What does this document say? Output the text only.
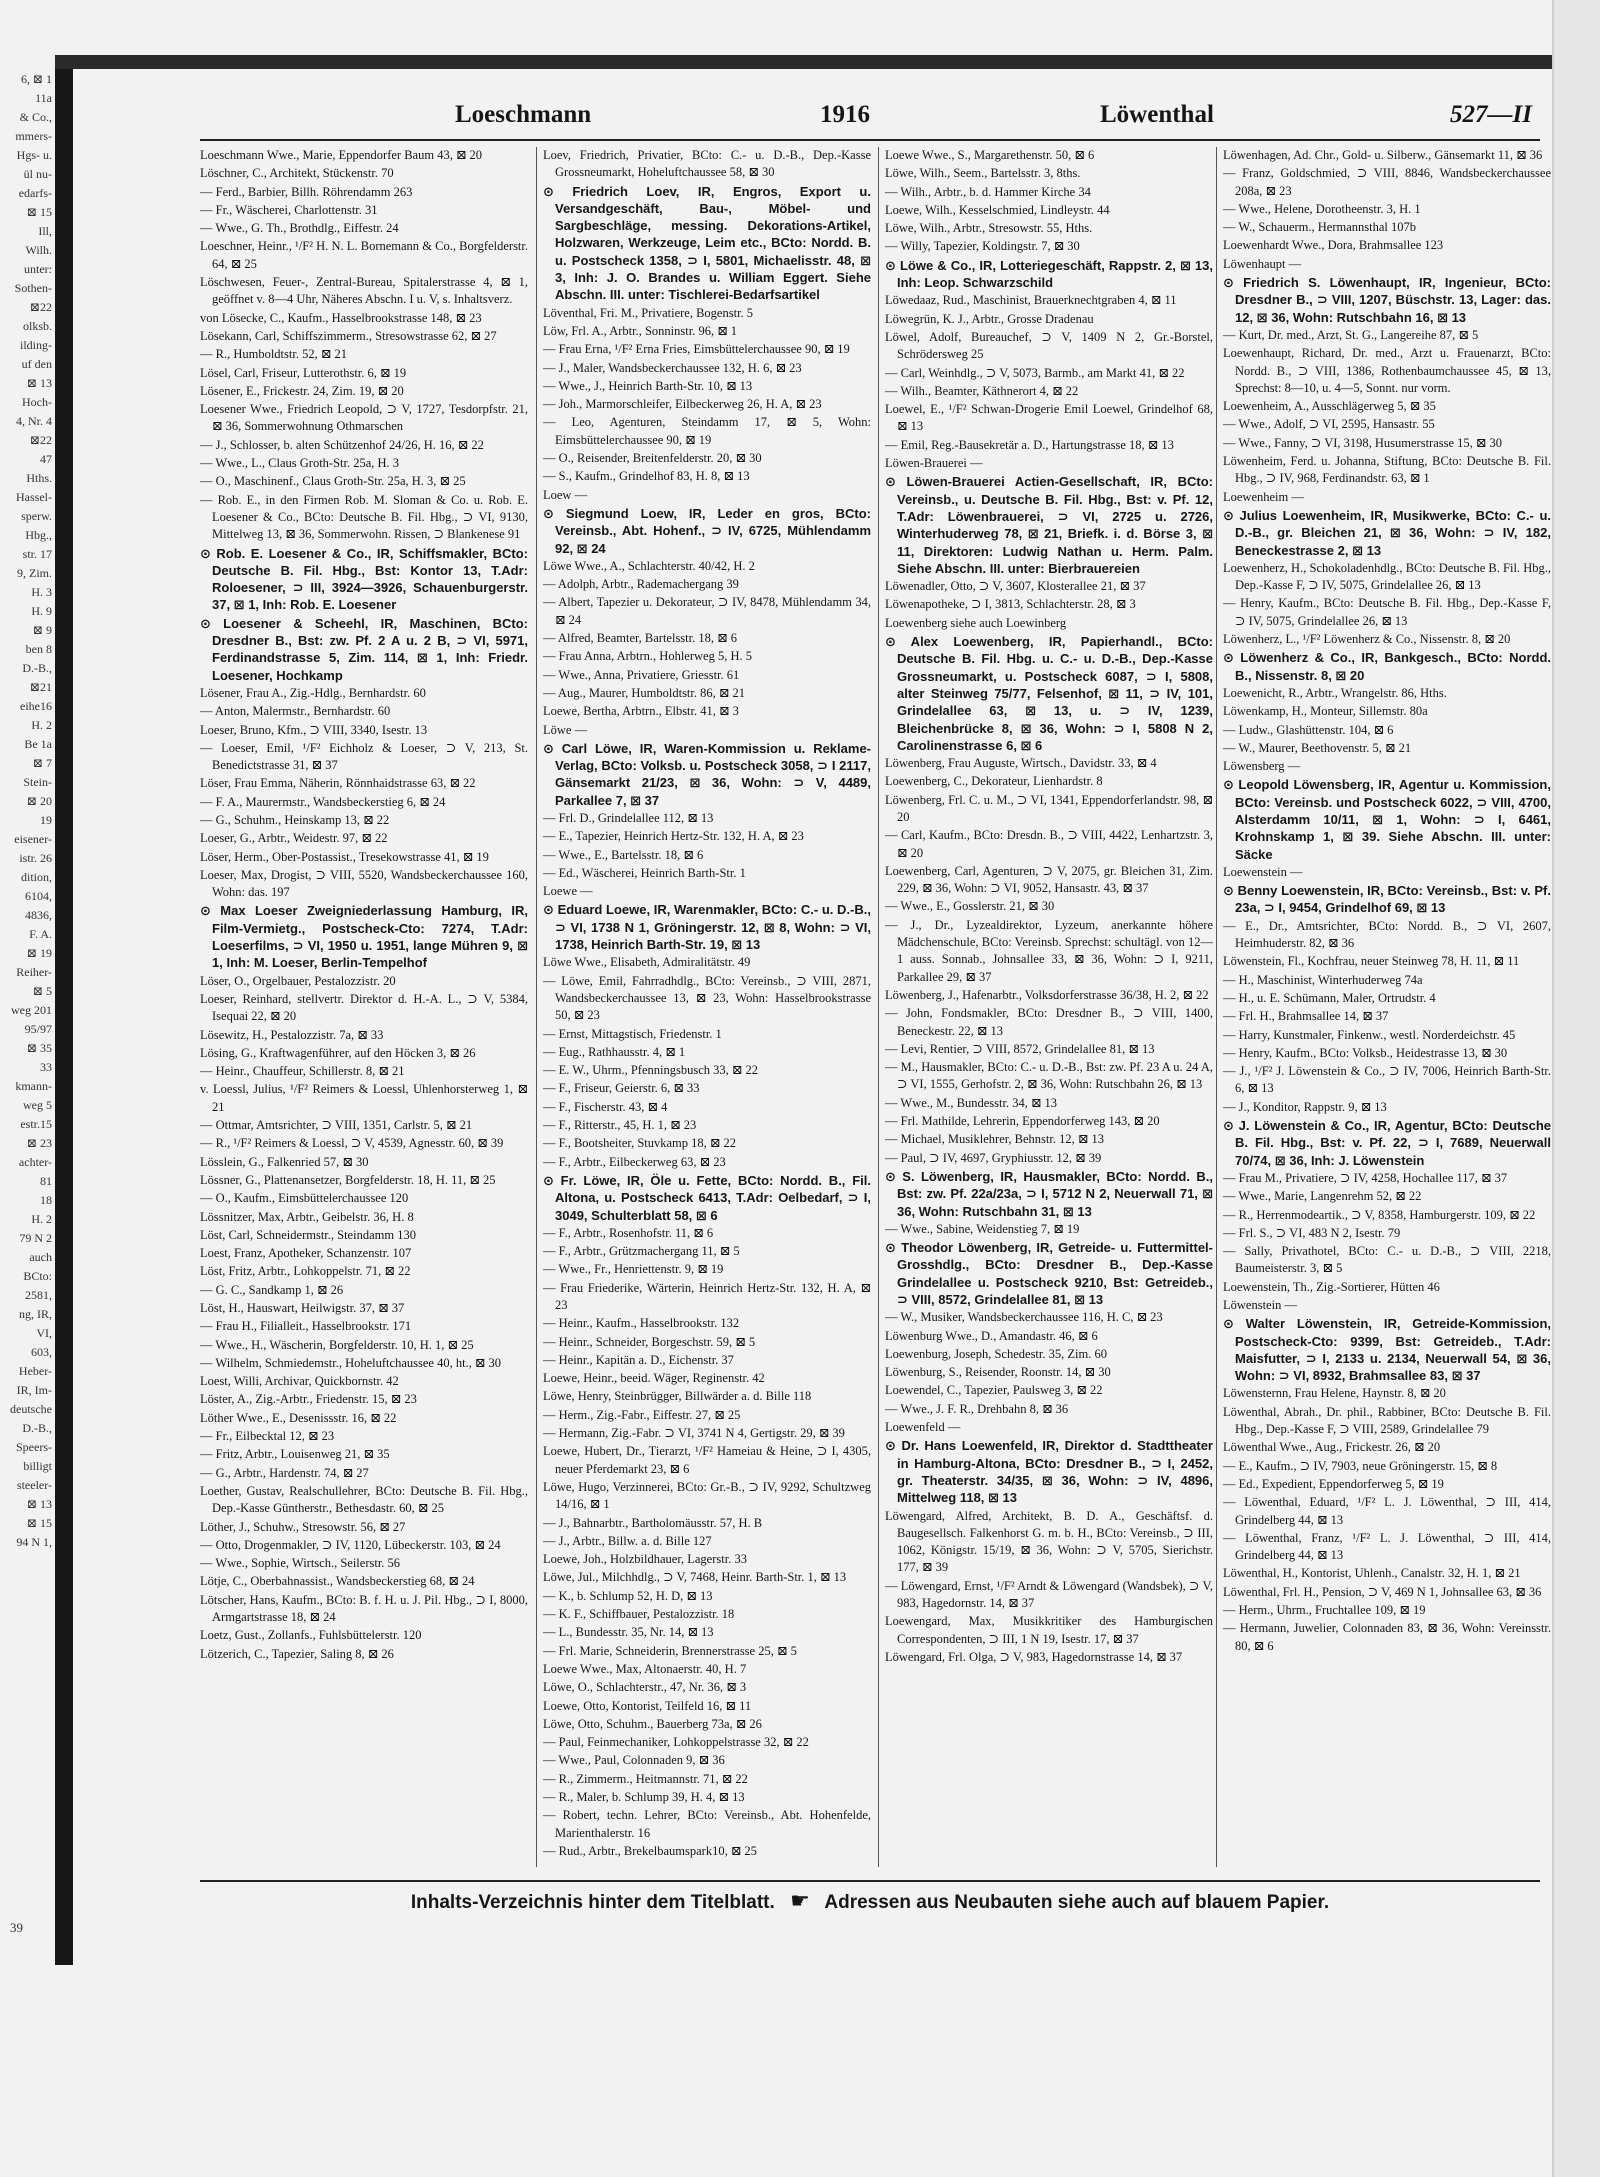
6, ⊠ 1
11a
& Co.,
mmers-
Hgs- u.
ül nu-
edarfs-
⊠ 15
Ill,
Wilh.
unter:
Sothen-
⊠22
olksb.
ilding-
uf den
⊠ 13
Hoch-
4, Nr. 4
⊠22
47
Hths.
Hassel-
sperw.
Hbg.,
str. 17
9, Zim.
H. 3
H. 9
⊠ 9
ben 8
D.-B.,
⊠21
eihe16
H. 2
Be 1a
⊠ 7
Stein-
⊠ 20
19
eisener-
istr. 26
dition,
6104,
4836,
F. A.
⊠ 19
Reiher-
⊠ 5
weg 201
95/97
⊠ 35
33
kmann-
weg 5
estr.15
⊠ 23
achter-
81
18
H. 2
79 N 2
auch
BCto:
2581,
ng, IR,
VI,
603,
Heber-
IR, Im-
deutsche
D.-B.,
Speers-
billigt
steeler-
⊠ 13
⊠ 15
94 N 1,
39
Loeschmann	1916	Löwenthal	527—II
Loeschmann Wwe., Marie, Eppendorfer Baum 43, ⊠ 20
Löschner, C., Architekt, Stückenstr. 70
— Ferd., Barbier, Billh. Röhrendamm 263
— Fr., Wäscherei, Charlottenstr. 31
— Wwe., G. Th., Brothdlg., Eiffestr. 24
Loeschner, Heinr., ¹/F² H. N. L. Bornemann & Co., Borgfelderstr. 64, ⊠ 25
Löschwesen, Feuer-, Zentral-Bureau, Spitalerstrasse 4, ⊠ 1, geöffnet v. 8—4 Uhr, Näheres Abschn. I u. V, s. Inhaltsverz.
von Lösecke, C., Kaufm., Hasselbrookstrasse 148, ⊠ 23
Lösekann, Carl, Schiffszimmerm., Stresowstrasse 62, ⊠ 27
— R., Humboldtstr. 52, ⊠ 21
Lösel, Carl, Friseur, Lutterothstr. 6, ⊠ 19
Lösener, E., Frickestr. 24, Zim. 19, ⊠ 20
Loesener Wwe., Friedrich Leopold, ⊃ V, 1727, Tesdorpfstr. 21, ⊠ 36, Sommerwohnung Othmarschen
— J., Schlosser, b. alten Schützenhof 24/26, H. 16, ⊠ 22
— Wwe., L., Claus Groth-Str. 25a, H. 3
— O., Maschinenf., Claus Groth-Str. 25a, H. 3, ⊠ 25
— Rob. E., in den Firmen Rob. M. Sloman & Co. u. Rob. E. Loesener & Co., BCto: Deutsche B. Fil. Hbg., ⊃ VI, 9130, Mittelweg 13, ⊠ 36, Sommerwohn. Rissen, ⊃ Blankenese 91
⊙ Rob. E. Loesener & Co., IR, Schiffsmakler, BCto: Deutsche B. Fil. Hbg., Bst: Kontor 13, T.Adr: Roloesener, ⊃ III, 3924—3926, Schauenburgerstr. 37, ⊠ 1, Inh: Rob. E. Loesener
⊙ Loesener & Scheehl, IR, Maschinen, BCto: Dresdner B., Bst: zw. Pf. 2 A u. 2 B, ⊃ VI, 5971, Ferdinandstrasse 5, Zim. 114, ⊠ 1, Inh: Friedr. Loesener, Hochkamp
Lösener, Frau A., Zig.-Hdlg., Bernhardstr. 60
— Anton, Malermstr., Bernhardstr. 60
Loeser, Bruno, Kfm., ⊃ VIII, 3340, Isestr. 13
— Loeser, Emil, ¹/F² Eichholz & Loeser, ⊃ V, 213, St. Benedictstrasse 31, ⊠ 37
Löser, Frau Emma, Näherin, Rönnhaidstrasse 63, ⊠ 22
— F. A., Maurermstr., Wandsbeckerstieg 6, ⊠ 24
— G., Schuhm., Heinskamp 13, ⊠ 22
Loeser, G., Arbtr., Weidestr. 97, ⊠ 22
Löser, Herm., Ober-Postassist., Tresekowstrasse 41, ⊠ 19
Loeser, Max, Drogist, ⊃ VIII, 5520, Wandsbeckerchaussee 160, Wohn: das. 197
⊙ Max Loeser Zweigniederlassung Hamburg, IR, Film-Vermietg., Postscheck-Cto: 7274, T.Adr: Loeserfilms, ⊃ VI, 1950 u. 1951, lange Mühren 9, ⊠ 1, Inh: M. Loeser, Berlin-Tempelhof
Löser, O., Orgelbauer, Pestalozzistr. 20
Loeser, Reinhard, stellvertr. Direktor d. H.-A. L., ⊃ V, 5384, Isequai 22, ⊠ 20
Lösewitz, H., Pestalozzistr. 7a, ⊠ 33
Lösing, G., Kraftwagenführer, auf den Höcken 3, ⊠ 26
— Heinr., Chauffeur, Schillerstr. 8, ⊠ 21
v. Loessl, Julius, ¹/F² Reimers & Loessl, Uhlenhorsterweg 1, ⊠ 21
— Ottmar, Amtsrichter, ⊃ VIII, 1351, Carlstr. 5, ⊠ 21
— R., ¹/F² Reimers & Loessl, ⊃ V, 4539, Agnesstr. 60, ⊠ 39
Lösslein, G., Falkenried 57, ⊠ 30
Lössner, G., Plattenansetzer, Borgfelderstr. 18, H. 11, ⊠ 25
— O., Kaufm., Eimsbüttelerchaussee 120
Lössnitzer, Max, Arbtr., Geibelstr. 36, H. 8
Löst, Carl, Schneidermstr., Steindamm 130
Loest, Franz, Apotheker, Schanzenstr. 107
Löst, Fritz, Arbtr., Lohkoppelstr. 71, ⊠ 22
— G. C., Sandkamp 1, ⊠ 26
Löst, H., Hauswart, Heilwigstr. 37, ⊠ 37
— Frau H., Filialleit., Hasselbrookstr. 171
— Wwe., H., Wäscherin, Borgfelderstr. 10, H. 1, ⊠ 25
— Wilhelm, Schmiedemstr., Hoheluftchaussee 40, ht., ⊠ 30
Loest, Willi, Archivar, Quickbornstr. 42
Löster, A., Zig.-Arbtr., Friedenstr. 15, ⊠ 23
Löther Wwe., E., Desenissstr. 16, ⊠ 22
— Fr., Eilbecktal 12, ⊠ 23
— Fritz, Arbtr., Louisenweg 21, ⊠ 35
— G., Arbtr., Hardenstr. 74, ⊠ 27
Loether, Gustav, Realschullehrer, BCto: Deutsche B. Fil. Hbg., Dep.-Kasse Güntherstr., Bethesdastr. 60, ⊠ 25
Löther, J., Schuhw., Stresowstr. 56, ⊠ 27
— Otto, Drogenmakler, ⊃ IV, 1120, Lübeckerstr. 103, ⊠ 24
— Wwe., Sophie, Wirtsch., Seilerstr. 56
Lötje, C., Oberbahnassist., Wandsbeckerstieg 68, ⊠ 24
Lötscher, Hans, Kaufm., BCto: B. f. H. u. J. Pil. Hbg., ⊃ I, 8000, Armgartstrasse 18, ⊠ 24
Loetz, Gust., Zollanfs., Fuhlsbüttelerstr. 120
Lötzerich, C., Tapezier, Saling 8, ⊠ 26
Loev, Friedrich, Privatier, BCto: C.- u. D.-B., Dep.-Kasse Grossneumarkt, Hoheluftchaussee 58, ⊠ 30
⊙ Friedrich Loev, IR, Engros, Export u. Versandgeschäft, Bau-, Möbel- und Sargbeschläge, messing. Dekorations-Artikel, Holzwaren, Werkzeuge, Leim etc., BCto: Nordd. B. u. Postscheck 1358, ⊃ I, 5801, Michaelisstr. 48, ⊠ 3, Inh: J. O. Brandes u. William Eggert. Siehe Abschn. III. unter: Tischlerei-Bedarfsartikel
Löventhal, Fri. M., Privatiere, Bogenstr. 5
Löw, Frl. A., Arbtr., Sonninstr. 96, ⊠ 1
— Frau Erna, ¹/F² Erna Fries, Eimsbüttelerchaussee 90, ⊠ 19
— J., Maler, Wandsbeckerchaussee 132, H. 6, ⊠ 23
— Wwe., J., Heinrich Barth-Str. 10, ⊠ 13
— Joh., Marmorschleifer, Eilbeckerweg 26, H. A, ⊠ 23
— Leo, Agenturen, Steindamm 17, ⊠ 5, Wohn: Eimsbüttelerchaussee 90, ⊠ 19
— O., Reisender, Breitenfelderstr. 20, ⊠ 30
— S., Kaufm., Grindelhof 83, H. 8, ⊠ 13
Loew —
⊙ Siegmund Loew, IR, Leder en gros, BCto: Vereinsb., Abt. Hohenf., ⊃ IV, 6725, Mühlendamm 92, ⊠ 24
Löwe Wwe., A., Schlachterstr. 40/42, H. 2
— Adolph, Arbtr., Rademachergang 39
— Albert, Tapezier u. Dekorateur, ⊃ IV, 8478, Mühlendamm 34, ⊠ 24
— Alfred, Beamter, Bartelsstr. 18, ⊠ 6
— Frau Anna, Arbtrn., Hohlerweg 5, H. 5
— Wwe., Anna, Privatiere, Griesstr. 61
— Aug., Maurer, Humboldtstr. 86, ⊠ 21
Loewe, Bertha, Arbtrn., Elbstr. 41, ⊠ 3
Löwe —
⊙ Carl Löwe, IR, Waren-Kommission u. Reklame-Verlag, BCto: Volksb. u. Postscheck 3058, ⊃ I 2117, Gänsemarkt 21/23, ⊠ 36, Wohn: ⊃ V, 4489, Parkallee 7, ⊠ 37
— Frl. D., Grindelallee 112, ⊠ 13
— E., Tapezier, Heinrich Hertz-Str. 132, H. A, ⊠ 23
— Wwe., E., Bartelsstr. 18, ⊠ 6
— Ed., Wäscherei, Heinrich Barth-Str. 1
Loewe —
⊙ Eduard Loewe, IR, Warenmakler, BCto: C.- u. D.-B., ⊃ VI, 1738 N 1, Gröningerstr. 12, ⊠ 8, Wohn: ⊃ VI, 1738, Heinrich Barth-Str. 19, ⊠ 13
Löwe Wwe., Elisabeth, Admiralitätstr. 49
— Löwe, Emil, Fahrradhdlg., BCto: Vereinsb., ⊃ VIII, 2871, Wandsbeckerchaussee 13, ⊠ 23, Wohn: Hasselbrookstrasse 50, ⊠ 23
— Ernst, Mittagstisch, Friedenstr. 1
— Eug., Rathhausstr. 4, ⊠ 1
— E. W., Uhrm., Pfenningsbusch 33, ⊠ 22
— F., Friseur, Geierstr. 6, ⊠ 33
— F., Fischerstr. 43, ⊠ 4
— F., Ritterstr., 45, H. 1, ⊠ 23
— F., Bootsheiter, Stuvkamp 18, ⊠ 22
— F., Arbtr., Eilbeckerweg 63, ⊠ 23
⊙ Fr. Löwe, IR, Öle u. Fette, BCto: Nordd. B., Fil. Altona, u. Postscheck 6413, T.Adr: Oelbedarf, ⊃ I, 3049, Schulterblatt 58, ⊠ 6
— F., Arbtr., Rosenhofstr. 11, ⊠ 6
— F., Arbtr., Grützmachergang 11, ⊠ 5
— Wwe., Fr., Henriettenstr. 9, ⊠ 19
— Frau Friederike, Wärterin, Heinrich Hertz-Str. 132, H. A, ⊠ 23
— Heinr., Kaufm., Hasselbrookstr. 132
— Heinr., Schneider, Borgeschstr. 59, ⊠ 5
— Heinr., Kapitän a. D., Eichenstr. 37
Loewe, Heinr., beeid. Wäger, Reginenstr. 42
Löwe, Henry, Steinbrügger, Billwärder a. d. Bille 118
— Herm., Zig.-Fabr., Eiffestr. 27, ⊠ 25
— Hermann, Zig.-Fabr. ⊃ VI, 3741 N 4, Gertigstr. 29, ⊠ 39
Loewe, Hubert, Dr., Tierarzt, ¹/F² Hameiau & Heine, ⊃ I, 4305, neuer Pferdemarkt 23, ⊠ 6
Löwe, Hugo, Verzinnerei, BCto: Gr.-B., ⊃ IV, 9292, Schultzweg 14/16, ⊠ 1
— J., Bahnarbtr., Bartholomäusstr. 57, H. B
— J., Arbtr., Billw. a. d. Bille 127
Loewe, Joh., Holzbildhauer, Lagerstr. 33
Löwe, Jul., Milchhdlg., ⊃ V, 7468, Heinr. Barth-Str. 1, ⊠ 13
— K., b. Schlump 52, H. D, ⊠ 13
— K. F., Schiffbauer, Pestalozzistr. 18
— L., Bundesstr. 35, Nr. 14, ⊠ 13
— Frl. Marie, Schneiderin, Brennerstrasse 25, ⊠ 5
Loewe Wwe., Max, Altonaerstr. 40, H. 7
Löwe, O., Schlachterstr., 47, Nr. 36, ⊠ 3
Loewe, Otto, Kontorist, Teilfeld 16, ⊠ 11
Löwe, Otto, Schuhm., Bauerberg 73a, ⊠ 26
— Paul, Feinmechaniker, Lohkoppelstrasse 32, ⊠ 22
— Wwe., Paul, Colonnaden 9, ⊠ 36
— R., Zimmerm., Heitmannstr. 71, ⊠ 22
— R., Maler, b. Schlump 39, H. 4, ⊠ 13
— Robert, techn. Lehrer, BCto: Vereinsb., Abt. Hohenfelde, Marienthalerstr. 16
— Rud., Arbtr., Brekelbaumspark10, ⊠ 25
Loewe Wwe., S., Margarethenstr. 50, ⊠ 6
Löwe, Wilh., Seem., Bartelsstr. 3, 8ths.
— Wilh., Arbtr., b. d. Hammer Kirche 34
Loewe, Wilh., Kesselschmied, Lindleystr. 44
Löwe, Wilh., Arbtr., Stresowstr. 55, Hths.
— Willy, Tapezier, Koldingstr. 7, ⊠ 30
⊙ Löwe & Co., IR, Lotteriegeschäft, Rappstr. 2, ⊠ 13, Inh: Leop. Schwarzschild
Löwedaaz, Rud., Maschinist, Brauerknechtgraben 4, ⊠ 11
Löwegrün, K. J., Arbtr., Grosse Dradenau
Löwel, Adolf, Bureauchef, ⊃ V, 1409 N 2, Gr.-Borstel, Schrödersweg 25
— Carl, Weinhdlg., ⊃ V, 5073, Barmb., am Markt 41, ⊠ 22
— Wilh., Beamter, Käthnerort 4, ⊠ 22
Loewel, E., ¹/F² Schwan-Drogerie Emil Loewel, Grindelhof 68, ⊠ 13
— Emil, Reg.-Bausekretär a. D., Hartungstrasse 18, ⊠ 13
Löwen-Brauerei —
⊙ Löwen-Brauerei Actien-Gesellschaft, IR, BCto: Vereinsb., u. Deutsche B. Fil. Hbg., Bst: v. Pf. 12, T.Adr: Löwenbrauerei, ⊃ VI, 2725 u. 2726, Winterhuderweg 78, ⊠ 21, Briefk. i. d. Börse 3, ⊠ 11, Direktoren: Ludwig Nathan u. Herm. Palm. Siehe Abschn. III. unter: Bierbrauereien
Löwenadler, Otto, ⊃ V, 3607, Klosterallee 21, ⊠ 37
Löwenapotheke, ⊃ I, 3813, Schlachterstr. 28, ⊠ 3
Loewenberg siehe auch Loewinberg
⊙ Alex Loewenberg, IR, Papierhandl., BCto: Deutsche B. Fil. Hbg. u. C.- u. D.-B., Dep.-Kasse Grossneumarkt, u. Postscheck 6087, ⊃ I, 5808, alter Steinweg 75/77, Felsenhof, ⊠ 11, ⊃ IV, 101, Grindelallee 63, ⊠ 13, u. ⊃ IV, 1239, Bleichenbrücke 8, ⊠ 36, Wohn: ⊃ I, 5808 N 2, Carolinenstrasse 6, ⊠ 6
Löwenberg, Frau Auguste, Wirtsch., Davidstr. 33, ⊠ 4
Loewenberg, C., Dekorateur, Lienhardstr. 8
Löwenberg, Frl. C. u. M., ⊃ VI, 1341, Eppendorferlandstr. 98, ⊠ 20
— Carl, Kaufm., BCto: Dresdn. B., ⊃ VIII, 4422, Lenhartzstr. 3, ⊠ 20
Loewenberg, Carl, Agenturen, ⊃ V, 2075, gr. Bleichen 31, Zim. 229, ⊠ 36, Wohn: ⊃ VI, 9052, Hansastr. 43, ⊠ 37
— Wwe., E., Gosslerstr. 21, ⊠ 30
— J., Dr., Lyzealdirektor, Lyzeum, anerkannte höhere Mädchenschule, BCto: Vereinsb. Sprechst: schultägl. von 12—1 auss. Sonnab., Johnsallee 33, ⊠ 36, Wohn: ⊃ I, 9211, Parkallee 29, ⊠ 37
Löwenberg, J., Hafenarbtr., Volksdorferstrasse 36/38, H. 2, ⊠ 22
— John, Fondsmakler, BCto: Dresdner B., ⊃ VIII, 1400, Beneckestr. 22, ⊠ 13
— Levi, Rentier, ⊃ VIII, 8572, Grindelallee 81, ⊠ 13
— M., Hausmakler, BCto: C.- u. D.-B., Bst: zw. Pf. 23 A u. 24 A, ⊃ VI, 1555, Gerhofstr. 2, ⊠ 36, Wohn: Rutschbahn 26, ⊠ 13
— Wwe., M., Bundesstr. 34, ⊠ 13
— Frl. Mathilde, Lehrerin, Eppendorferweg 143, ⊠ 20
— Michael, Musiklehrer, Behnstr. 12, ⊠ 13
— Paul, ⊃ IV, 4697, Gryphiusstr. 12, ⊠ 39
⊙ S. Löwenberg, IR, Hausmakler, BCto: Nordd. B., Bst: zw. Pf. 22a/23a, ⊃ I, 5712 N 2, Neuerwall 71, ⊠ 36, Wohn: Rutschbahn 31, ⊠ 13
— Wwe., Sabine, Weidenstieg 7, ⊠ 19
⊙ Theodor Löwenberg, IR, Getreide- u. Futtermittel-Grosshdlg., BCto: Dresdner B., Dep.-Kasse Grindelallee u. Postscheck 9210, Bst: Getreideb., ⊃ VIII, 8572, Grindelallee 81, ⊠ 13
— W., Musiker, Wandsbeckerchaussee 116, H. C, ⊠ 23
Löwenburg Wwe., D., Amandastr. 46, ⊠ 6
Loewenburg, Joseph, Schedestr. 35, Zim. 60
Löwenburg, S., Reisender, Roonstr. 14, ⊠ 30
Loewendel, C., Tapezier, Paulsweg 3, ⊠ 22
— Wwe., J. F. R., Drehbahn 8, ⊠ 36
Loewenfeld —
⊙ Dr. Hans Loewenfeld, IR, Direktor d. Stadttheater in Hamburg-Altona, BCto: Dresdner B., ⊃ I, 2452, gr. Theaterstr. 34/35, ⊠ 36, Wohn: ⊃ IV, 4896, Mittelweg 118, ⊠ 13
Löwengard, Alfred, Architekt, B. D. A., Geschäftsf. d. Baugesellsch. Falkenhorst G. m. b. H., BCto: Vereinsb., ⊃ III, 1062, Königstr. 15/19, ⊠ 36, Wohn: ⊃ V, 5705, Sierichstr. 177, ⊠ 39
— Löwengard, Ernst, ¹/F² Arndt & Löwengard (Wandsbek), ⊃ V, 983, Hagedornstr. 14, ⊠ 37
Loewengard, Max, Musikkritiker des Hamburgischen Correspondenten, ⊃ III, 1 N 19, Isestr. 17, ⊠ 37
Löwengard, Frl. Olga, ⊃ V, 983, Hagedornstrasse 14, ⊠ 37
Löwenhagen, Ad. Chr., Gold- u. Silberw., Gänsemarkt 11, ⊠ 36
— Franz, Goldschmied, ⊃ VIII, 8846, Wandsbeckerchaussee 208a, ⊠ 23
— Wwe., Helene, Dorotheenstr. 3, H. 1
— W., Schauerm., Hermannsthal 107b
Loewenhardt Wwe., Dora, Brahmsallee 123
Löwenhaupt —
⊙ Friedrich S. Löwenhaupt, IR, Ingenieur, BCto: Dresdner B., ⊃ VIII, 1207, Büschstr. 13, Lager: das. 12, ⊠ 36, Wohn: Rutschbahn 16, ⊠ 13
— Kurt, Dr. med., Arzt, St. G., Langereihe 87, ⊠ 5
Loewenhaupt, Richard, Dr. med., Arzt u. Frauenarzt, BCto: Nordd. B., ⊃ VIII, 1386, Rothenbaumchaussee 45, ⊠ 13, Sprechst: 8—10, u. 4—5, Sonnt. nur vorm.
Loewenheim, A., Ausschlägerweg 5, ⊠ 35
— Wwe., Adolf, ⊃ VI, 2595, Hansastr. 55
— Wwe., Fanny, ⊃ VI, 3198, Husumerstrasse 15, ⊠ 30
Löwenheim, Ferd. u. Johanna, Stiftung, BCto: Deutsche B. Fil. Hbg., ⊃ IV, 968, Ferdinandstr. 63, ⊠ 1
Loewenheim —
⊙ Julius Loewenheim, IR, Musikwerke, BCto: C.- u. D.-B., gr. Bleichen 21, ⊠ 36, Wohn: ⊃ IV, 182, Beneckestrasse 2, ⊠ 13
Loewenherz, H., Schokoladenhdlg., BCto: Deutsche B. Fil. Hbg., Dep.-Kasse F, ⊃ IV, 5075, Grindelallee 26, ⊠ 13
— Henry, Kaufm., BCto: Deutsche B. Fil. Hbg., Dep.-Kasse F, ⊃ IV, 5075, Grindelallee 26, ⊠ 13
Löwenherz, L., ¹/F² Löwenherz & Co., Nissenstr. 8, ⊠ 20
⊙ Löwenherz & Co., IR, Bankgesch., BCto: Nordd. B., Nissenstr. 8, ⊠ 20
Loewenicht, R., Arbtr., Wrangelstr. 86, Hths.
Löwenkamp, H., Monteur, Sillemstr. 80a
— Ludw., Glashüttenstr. 104, ⊠ 6
— W., Maurer, Beethovenstr. 5, ⊠ 21
Löwensberg —
⊙ Leopold Löwensberg, IR, Agentur u. Kommission, BCto: Vereinsb. und Postscheck 6022, ⊃ VIII, 4700, Alsterdamm 10/11, ⊠ 1, Wohn: ⊃ I, 6461, Krohnskamp 1, ⊠ 39. Siehe Abschn. III. unter: Säcke
Loewenstein —
⊙ Benny Loewenstein, IR, BCto: Vereinsb., Bst: v. Pf. 23a, ⊃ I, 9454, Grindelhof 69, ⊠ 13
— E., Dr., Amtsrichter, BCto: Nordd. B., ⊃ VI, 2607, Heimhuderstr. 82, ⊠ 36
Löwenstein, Fl., Kochfrau, neuer Steinweg 78, H. 11, ⊠ 11
— H., Maschinist, Winterhuderweg 74a
— H., u. E. Schümann, Maler, Ortrudstr. 4
— Frl. H., Brahmsallee 14, ⊠ 37
— Harry, Kunstmaler, Finkenw., westl. Norderdeichstr. 45
— Henry, Kaufm., BCto: Volksb., Heidestrasse 13, ⊠ 30
— J., ¹/F² J. Löwenstein & Co., ⊃ IV, 7006, Heinrich Barth-Str. 6, ⊠ 13
— J., Konditor, Rappstr. 9, ⊠ 13
⊙ J. Löwenstein & Co., IR, Agentur, BCto: Deutsche B. Fil. Hbg., Bst: v. Pf. 22, ⊃ I, 7689, Neuerwall 70/74, ⊠ 36, Inh: J. Löwenstein
— Frau M., Privatiere, ⊃ IV, 4258, Hochallee 117, ⊠ 37
— Wwe., Marie, Langenrehm 52, ⊠ 22
— R., Herrenmodeartik., ⊃ V, 8358, Hamburgerstr. 109, ⊠ 22
— Frl. S., ⊃ VI, 483 N 2, Isestr. 79
— Sally, Privathotel, BCto: C.- u. D.-B., ⊃ VIII, 2218, Baumeisterstr. 3, ⊠ 5
Loewenstein, Th., Zig.-Sortierer, Hütten 46
Löwenstein —
⊙ Walter Löwenstein, IR, Getreide-Kommission, Postscheck-Cto: 9399, Bst: Getreideb., T.Adr: Maisfutter, ⊃ I, 2133 u. 2134, Neuerwall 54, ⊠ 36, Wohn: ⊃ VI, 8932, Brahmsallee 83, ⊠ 37
Löwensternn, Frau Helene, Haynstr. 8, ⊠ 20
Löwenthal, Abrah., Dr. phil., Rabbiner, BCto: Deutsche B. Fil. Hbg., Dep.-Kasse F, ⊃ VIII, 2589, Grindelallee 79
Löwenthal Wwe., Aug., Frickestr. 26, ⊠ 20
— E., Kaufm., ⊃ IV, 7903, neue Gröningerstr. 15, ⊠ 8
— Ed., Expedient, Eppendorferweg 5, ⊠ 19
— Löwenthal, Eduard, ¹/F² L. J. Löwenthal, ⊃ III, 414, Grindelberg 44, ⊠ 13
— Löwenthal, Franz, ¹/F² L. J. Löwenthal, ⊃ III, 414, Grindelberg 44, ⊠ 13
Löwenthal, H., Kontorist, Uhlenh., Canalstr. 32, H. 1, ⊠ 21
Löwenthal, Frl. H., Pension, ⊃ V, 469 N 1, Johnsallee 63, ⊠ 36
— Herm., Uhrm., Fruchtallee 109, ⊠ 19
— Hermann, Juwelier, Colonnaden 83, ⊠ 36, Wohn: Vereinsstr. 80, ⊠ 6
Inhalts-Verzeichnis hinter dem Titelblatt. ☛ Adressen aus Neubauten siehe auch auf blauem Papier.
